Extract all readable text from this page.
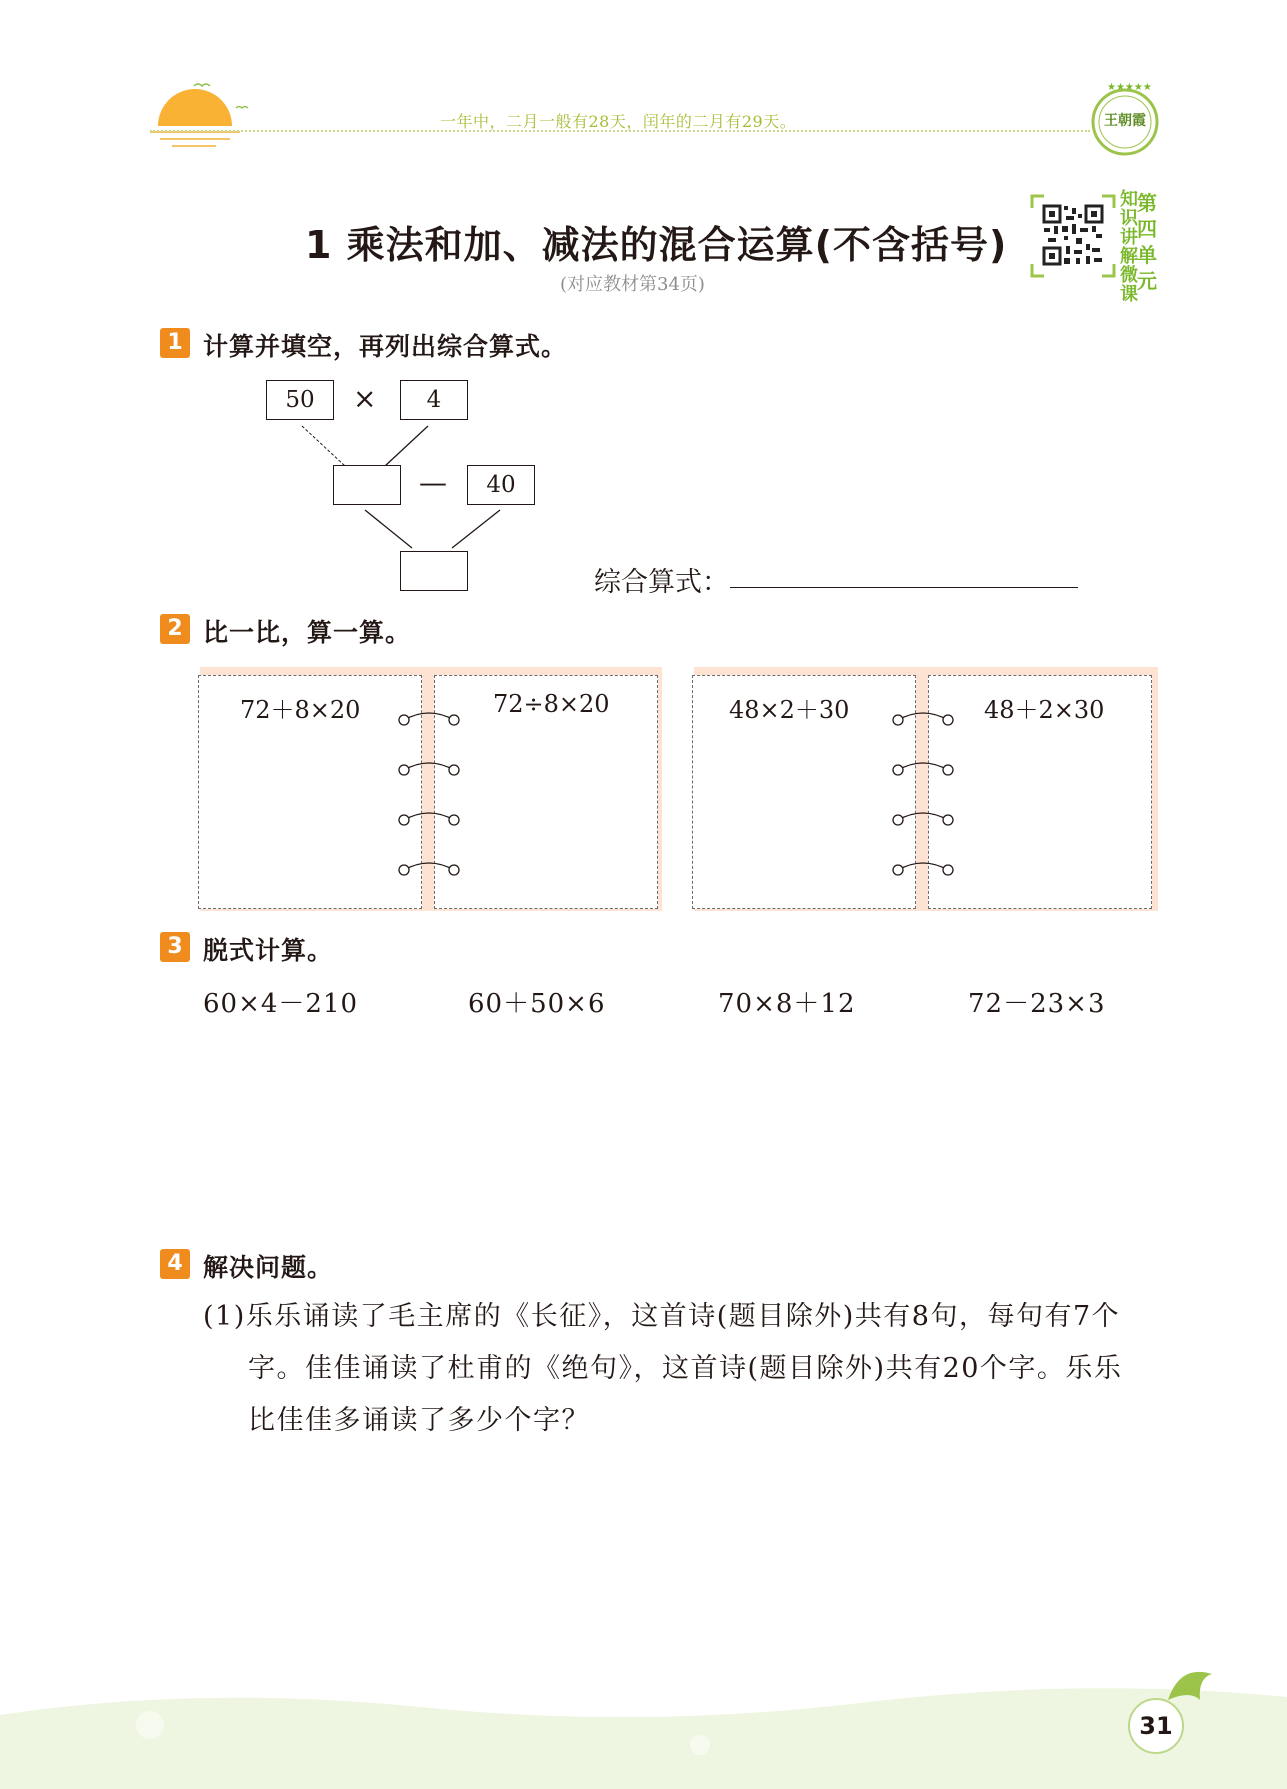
一年中，二月一般有28天，闰年的二月有29天。
★★★★★
王朝霞
1 乘法和加、减法的混合运算(不含括号)
(对应教材第34页)
知
识
讲
解
微
课
第
四
单
元
1 计算并填空，再列出综合算式。
50	×	4
—	40
综合算式：
2 比一比，算一算。
72＋8×20	72÷8×20	48×2＋30	48＋2×30
3 脱式计算。
60×4－210	60＋50×6	70×8＋12	72－23×3
4 解决问题。
(1)乐乐诵读了毛主席的《长征》，这首诗(题目除外)共有8句，每句有7个
字。佳佳诵读了杜甫的《绝句》，这首诗(题目除外)共有20个字。乐乐
比佳佳多诵读了多少个字？
31
